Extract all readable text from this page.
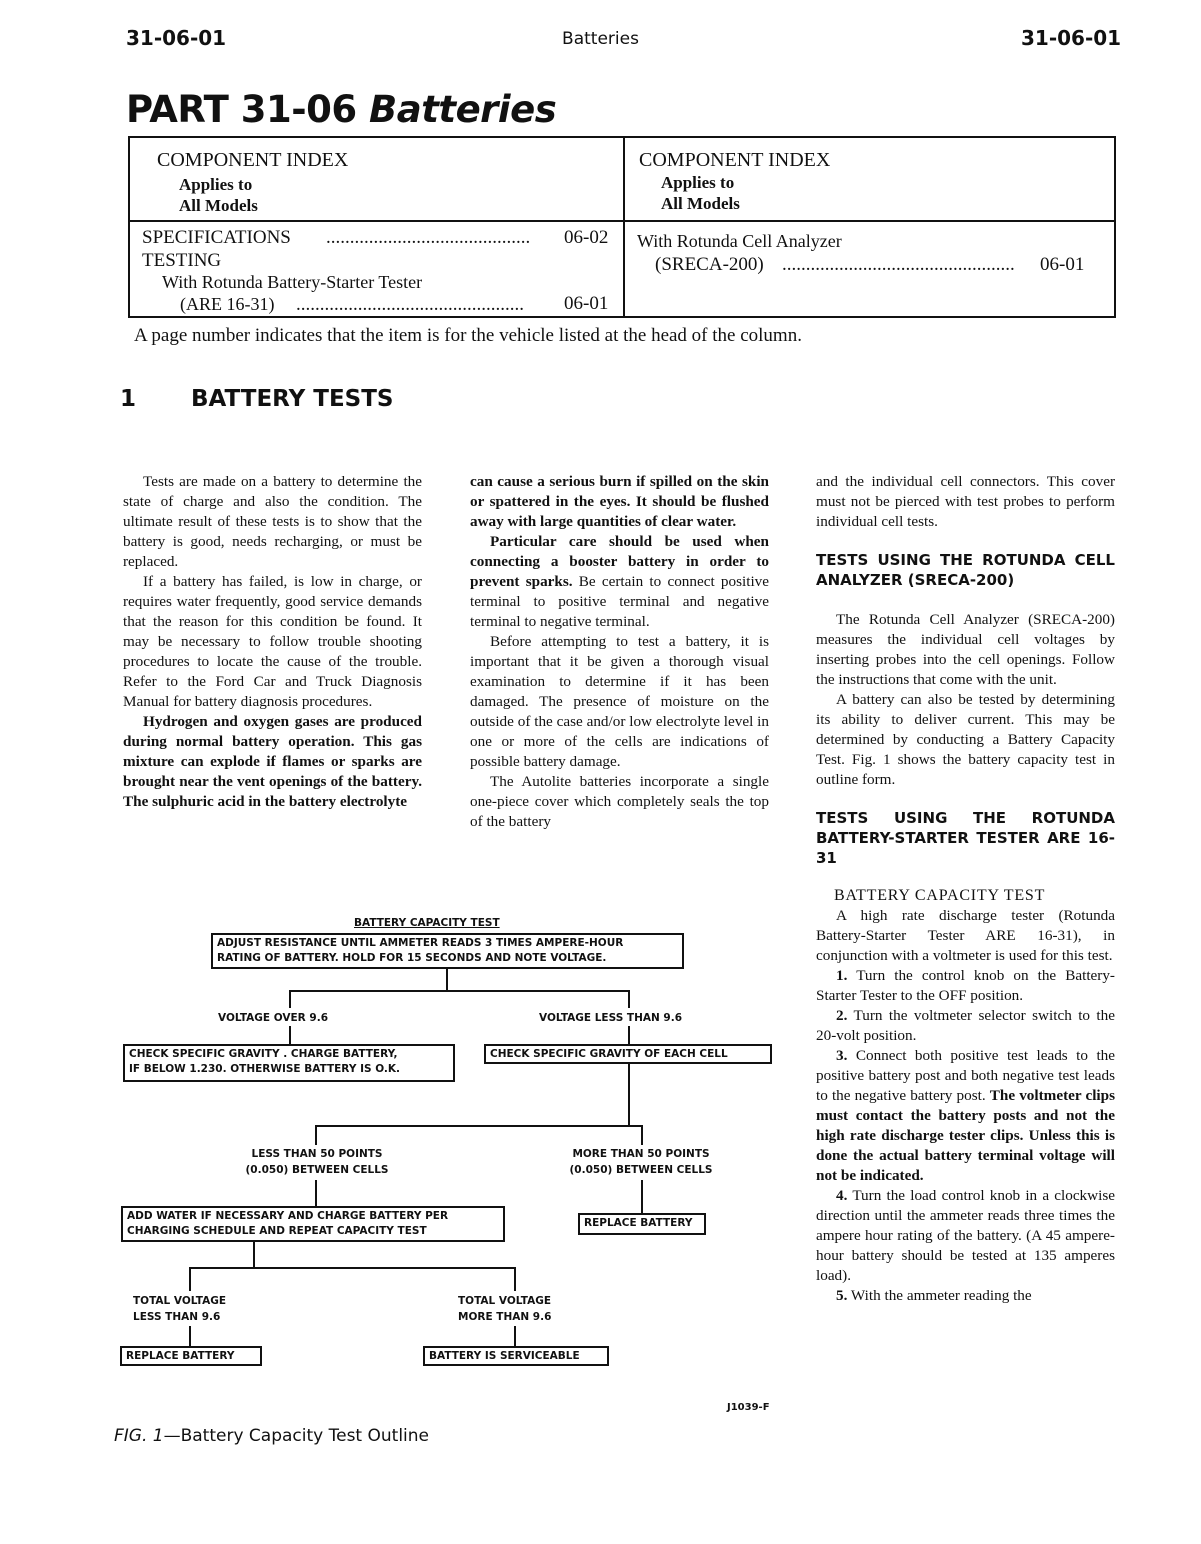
31-06-01	Batteries	31-06-01
PART 31-06 Batteries
COMPONENT INDEX
Applies to
All Models
COMPONENT INDEX
Applies to
All Models
SPECIFICATIONS ........................................... 06-02
TESTING
With Rotunda Battery-Starter Tester
(ARE 16-31) ................................................ 06-01
With Rotunda Cell Analyzer
(SRECA-200) ................................................. 06-01
A page number indicates that the item is for the vehicle listed at the head of the column.
1 BATTERY TESTS

Tests are made on a battery to determine the state of charge and also the condition. The ultimate result of these tests is to show that the battery is good, needs recharging, or must be replaced.

If a battery has failed, is low in charge, or requires water frequently, good service demands that the reason for this condition be found. It may be necessary to follow trouble shooting procedures to locate the cause of the trouble. Refer to the Ford Car and Truck Diagnosis Manual for battery diagnosis procedures.

Hydrogen and oxygen gases are produced during normal battery operation. This gas mixture can explode if flames or sparks are brought near the vent openings of the battery. The sulphuric acid in the battery electrolyte

can cause a serious burn if spilled on the skin or spattered in the eyes. It should be flushed away with large quantities of clear water.

Particular care should be used when connecting a booster battery in order to prevent sparks. Be certain to connect positive terminal to positive terminal and negative terminal to negative terminal.

Before attempting to test a battery, it is important that it be given a thorough visual examination to determine if it has been damaged. The presence of moisture on the outside of the case and/or low electrolyte level in one or more of the cells are indications of possible battery damage.

The Autolite batteries incorporate a single one-piece cover which completely seals the top of the battery

and the individual cell connectors. This cover must not be pierced with test probes to perform individual cell tests.

TESTS USING THE ROTUNDA CELL ANALYZER (SRECA-200)

The Rotunda Cell Analyzer (SRECA-200) measures the individual cell voltages by inserting probes into the cell openings. Follow the instructions that come with the unit.

A battery can also be tested by determining its ability to deliver current. This may be determined by conducting a Battery Capacity Test. Fig. 1 shows the battery capacity test in outline form.

TESTS USING THE ROTUNDA BATTERY-STARTER TESTER ARE 16-31
BATTERY CAPACITY TEST

A high rate discharge tester (Rotunda Battery-Starter Tester ARE 16-31), in conjunction with a voltmeter is used for this test.

1. Turn the control knob on the Battery-Starter Tester to the OFF position.

2. Turn the voltmeter selector switch to the 20-volt position.

3. Connect both positive test leads to the positive battery post and both negative test leads to the negative battery post. The voltmeter clips must contact the battery posts and not the high rate discharge tester clips. Unless this is done the actual battery terminal voltage will not be indicated.

4. Turn the load control knob in a clockwise direction until the ammeter reads three times the ampere hour rating of the battery. (A 45 ampere-hour battery should be tested at 135 amperes load).

5. With the ammeter reading the

BATTERY CAPACITY TEST
ADJUST RESISTANCE UNTIL AMMETER READS 3 TIMES AMPERE-HOUR
RATING OF BATTERY. HOLD FOR 15 SECONDS AND NOTE VOLTAGE.
VOLTAGE OVER 9.6	VOLTAGE LESS THAN 9.6
CHECK SPECIFIC GRAVITY . CHARGE BATTERY,
IF BELOW 1.230. OTHERWISE BATTERY IS O.K.
CHECK SPECIFIC GRAVITY OF EACH CELL
LESS THAN 50 POINTS
(0.050) BETWEEN CELLS
MORE THAN 50 POINTS
(0.050) BETWEEN CELLS
ADD WATER IF NECESSARY AND CHARGE BATTERY PER
CHARGING SCHEDULE AND REPEAT CAPACITY TEST
REPLACE BATTERY
TOTAL VOLTAGE
LESS THAN 9.6
TOTAL VOLTAGE
MORE THAN 9.6
REPLACE BATTERY	BATTERY IS SERVICEABLE
J1039-F
FIG. 1—Battery Capacity Test Outline
